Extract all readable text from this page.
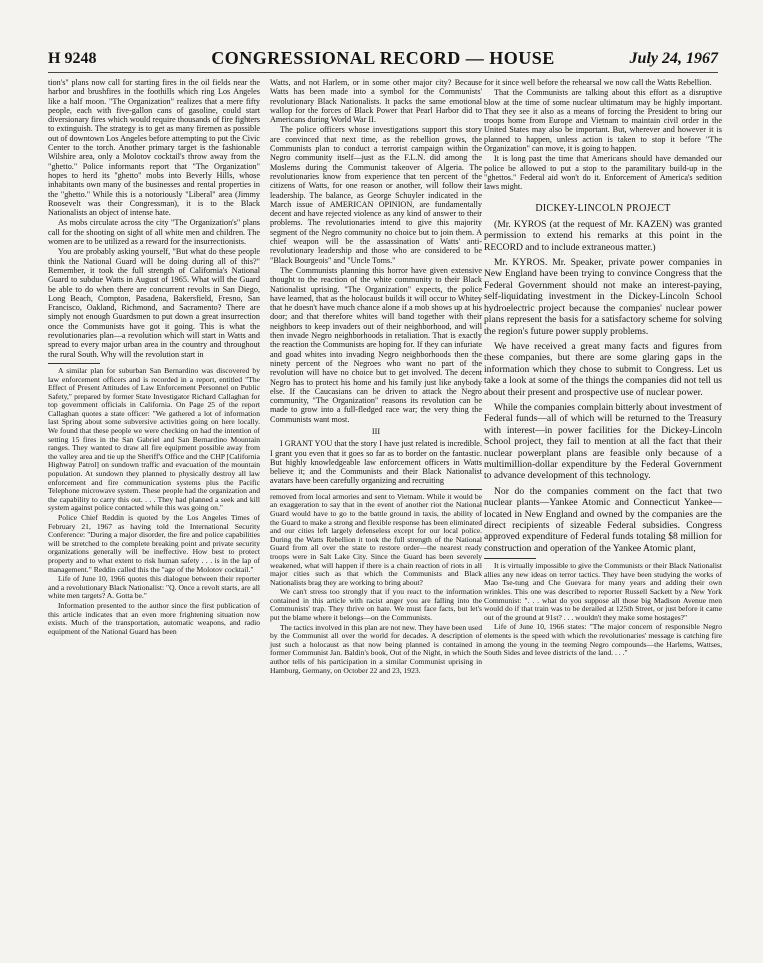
H 9248	CONGRESSIONAL RECORD — HOUSE	July 24, 1967

tion's" plans now call for starting fires in the oil fields near the harbor and brushfires in the foothills which ring Los Angeles like a half moon. "The Organization" realizes that a mere fifty people, each with five-gallon cans of gasoline, could start diversionary fires which would require thousands of fire fighters to extinguish. The strategy is to get as many firemen as possible out of downtown Los Angeles before attempting to put the Civic Center to the torch. Another primary target is the fashionable Wilshire area, only a Molotov cocktail's throw away from the "ghetto." Police informants report that "The Organization" hopes to herd its "ghetto" mobs into Beverly Hills, whose inhabitants own many of the businesses and rental properties in the "ghetto." While this is a notoriously "Liberal" area (Jimmy Roosevelt was their Congressman), it is to the Black Nationalists an object of intense hate.

As mobs circulate across the city "The Organization's" plans call for the shooting on sight of all white men and children. The women are to be utilized as a reward for the insurrectionists.

You are probably asking yourself, "But what do these people think the National Guard will be doing during all of this?" Remember, it took the full strength of California's National Guard to subdue Watts in August of 1965. What will the Guard be able to do when there are concurrent revolts in San Diego, Long Beach, Compton, Pasadena, Bakersfield, Fresno, San Francisco, Oakland, Richmond, and Sacramento? There are simply not enough Guardsmen to put down a great insurrection once the Communists have got it going. This is what the revolutionaries plan—a revolution which will start in Watts and spread to every major urban area in the country and throughout the rural South. Why will the revolution start in

A similar plan for suburban San Bernardino was discovered by law enforcement officers and is recorded in a report, entitled "The Effect of Present Attitudes of Law Enforcement Personnel on Public Safety," prepared by former State Investigator Richard Callaghan for top government officials in California. On Page 25 of the report Callaghan quotes a state officer: "We gathered a lot of information last Spring about some subversive activities going on here locally. We found that these people we were checking on had the intention of setting 15 fires in the San Gabriel and San Bernardino Mountain ranges. They wanted to draw all fire equipment possible away from the valley area and tie up the Sheriff's Office and the CHP [California Highway Patrol] on sundown traffic and evacuation of the mountain population. At sundown they planned to physically destroy all law enforcement and fire communication systems plus the Pacific Telephone microwave system. These people had the organization and the capability to carry this out. . . . They had planned a seek and kill system against police contacted while this was going on."

Police Chief Reddin is quoted by the Los Angeles Times of February 21, 1967 as having told the International Security Conference: "During a major disorder, the fire and police capabilities will be stretched to the complete breaking point and private security organizations generally will be ineffective. How best to protect property and to what extent to risk human safety . . . is in the lap of management." Reddin called this the "age of the Molotov cocktail."

Life of June 10, 1966 quotes this dialogue between their reporter and a revolutionary Black Nationalist: "Q. Once a revolt starts, are all white men targets? A. Gotta be."

Information presented to the author since the first publication of this article indicates that an even more frightening situation now exists. Much of the transportation, automatic weapons, and radio equipment of the National Guard has been

Watts, and not Harlem, or in some other major city? Because Watts has been made into a symbol for the Communists' revolutionary Black Nationalists. It packs the same emotional wallop for the forces of Black Power that Pearl Harbor did to Americans during World War II.

The police officers whose investigations support this story are convinced that next time, as the rebellion grows, the Communists plan to conduct a terrorist campaign within the Negro community itself—just as the F.L.N. did among the Moslems during the Communist takeover of Algeria. The revolutionaries know from experience that ten percent of the citizens of Watts, for one reason or another, will follow their leadership. The balance, as George Schuyler indicated in the March issue of AMERICAN OPINION, are fundamentally decent and have rejected violence as any kind of answer to their problems. The revolutionaries intend to give this majority segment of the Negro community no choice but to join them. A chief weapon will be the assassination of Watts' anti-revolutionary leadership and those who are considered to be "Black Bourgeois" and "Uncle Toms."

The Communists planning this horror have given extensive thought to the reaction of the white community to their Black Nationalist uprising. "The Organization" expects, the police have learned, that as the holocaust builds it will occur to Whitey that he doesn't have much chance alone if a mob shows up at his door; and that therefore whites will band together with their neighbors to keep invaders out of their neighborhood, and will then invade Negro neighborhoods in retaliation. That is exactly the reaction the Communists are hoping for. If they can infuriate and goad whites into invading Negro neighborhoods then the ninety percent of the Negroes who want no part of the revolution will have no choice but to get involved. The decent Negro has to protect his home and his family just like anybody else. If the Caucasians can be driven to attack the Negro community, "The Organization" reasons its revolution can be made to grow into a full-fledged race war; the very thing the Communists want most.

III

I GRANT YOU that the story I have just related is incredible. I grant you even that it goes so far as to border on the fantastic. But highly knowledgeable law enforcement officers in Watts believe it; and the Communists and their Black Nationalist avatars have been carefully organizing and recruiting

removed from local armories and sent to Vietnam. While it would be an exaggeration to say that in the event of another riot the National Guard would have to go to the battle ground in taxis, the ability of the Guard to make a strong and flexible response has been eliminated and our cities left largely defenseless except for our local police. During the Watts Rebellion it took the full strength of the National Guard from all over the state to restore order—the nearest ready troops were in Salt Lake City. Since the Guard has been severely weakened, what will happen if there is a chain reaction of riots in all major cities such as that which the Communists and Black Nationalists brag they are working to bring about?

We can't stress too strongly that if you react to the information contained in this article with racist anger you are falling into the Communists' trap. They thrive on hate. We must face facts, but let's put the blame where it belongs—on the Communists.

The tactics involved in this plan are not new. They have been used by the Communist all over the world for decades. A description of just such a holocaust as that now being planned is contained in former Communist Jan. Baldin's book, Out of the Night, in which the author tells of his participation in a similar Communist uprising in Hamburg, Germany, on October 22 and 23, 1923.

for it since well before the rehearsal we now call the Watts Rebellion.

That the Communists are talking about this effort as a disruptive blow at the time of some nuclear ultimatum may be highly important. That they see it also as a means of forcing the President to bring our troops home from Europe and Vietnam to maintain civil order in the United States may also be important. But, wherever and however it is planned to happen, unless action is taken to stop it before "The Organization" can move, it is going to happen.

It is long past the time that Americans should have demanded our police be allowed to put a stop to the paramilitary build-up in the "ghettos." Federal aid won't do it. Enforcement of America's sedition laws might.

DICKEY-LINCOLN PROJECT

(Mr. KYROS (at the request of Mr. KAZEN) was granted permission to extend his remarks at this point in the RECORD and to include extraneous matter.)

Mr. KYROS. Mr. Speaker, private power companies in New England have been trying to convince Congress that the Federal Government should not make an interest-paying, self-liquidating investment in the Dickey-Lincoln School hydroelectric project because the companies' nuclear power plans represent the basis for a satisfactory scheme for solving the region's future power supply problems.

We have received a great many facts and figures from these companies, but there are some glaring gaps in the information which they chose to submit to Congress. Let us take a look at some of the things the companies did not tell us about their present and prospective use of nuclear power.

While the companies complain bitterly about investment of Federal funds—all of which will be returned to the Treasury with interest—in power facilities for the Dickey-Lincoln School project, they fail to mention at all the fact that their nuclear powerplant plans are feasible only because of a multimillion-dollar expenditure by the Federal Government to advance development of this technology.

Nor do the companies comment on the fact that two nuclear plants—Yankee Atomic and Connecticut Yankee—located in New England and owned by the companies are the direct recipients of sizeable Federal subsidies. Congress approved expenditure of Federal funds totaling $8 million for construction and operation of the Yankee Atomic plant,

It is virtually impossible to give the Communists or their Black Nationalist allies any new ideas on terror tactics. They have been studying the works of Mao Tse-tung and Che Guevara for many years and adding their own wrinkles. This one was described to reporter Russell Sackett by a New York Communist: ". . . what do you suppose all those big Madison Avenue men would do if that train was to be derailed at 125th Street, or just before it came out of the ground at 91st? . . . wouldn't they make some hostages?"

Life of June 10, 1966 states: "The major concern of responsible Negro elements is the speed with which the revolutionaries' message is catching fire among the young in the teeming Negro compounds—the Harlems, Wattses, South Sides and levee districts of the land. . . ."
